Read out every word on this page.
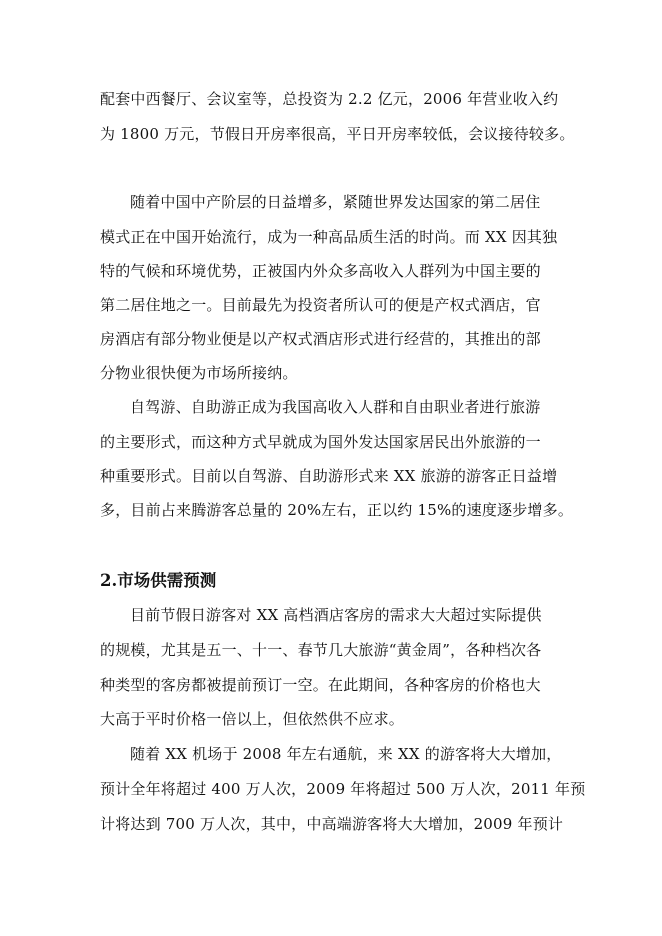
配套中西餐厅、会议室等，总投资为 2.2 亿元，2006 年营业收入约
为 1800 万元，节假日开房率很高，平日开房率较低，会议接待较多。
随着中国中产阶层的日益增多，紧随世界发达国家的第二居住
模式正在中国开始流行，成为一种高品质生活的时尚。而 XX 因其独
特的气候和环境优势，正被国内外众多高收入人群列为中国主要的
第二居住地之一。目前最先为投资者所认可的便是产权式酒店，官
房酒店有部分物业便是以产权式酒店形式进行经营的，其推出的部
分物业很快便为市场所接纳。
自驾游、自助游正成为我国高收入人群和自由职业者进行旅游
的主要形式，而这种方式早就成为国外发达国家居民出外旅游的一
种重要形式。目前以自驾游、自助游形式来 XX 旅游的游客正日益增
多，目前占来腾游客总量的 20%左右，正以约 15%的速度逐步增多。
2.市场供需预测
目前节假日游客对 XX 高档酒店客房的需求大大超过实际提供
的规模，尤其是五一、十一、春节几大旅游“黄金周”，各种档次各
种类型的客房都被提前预订一空。在此期间，各种客房的价格也大
大高于平时价格一倍以上，但依然供不应求。
随着 XX 机场于 2008 年左右通航，来 XX 的游客将大大增加，
预计全年将超过 400 万人次，2009 年将超过 500 万人次，2011 年预
计将达到 700 万人次，其中，中高端游客将大大增加，2009 年预计
